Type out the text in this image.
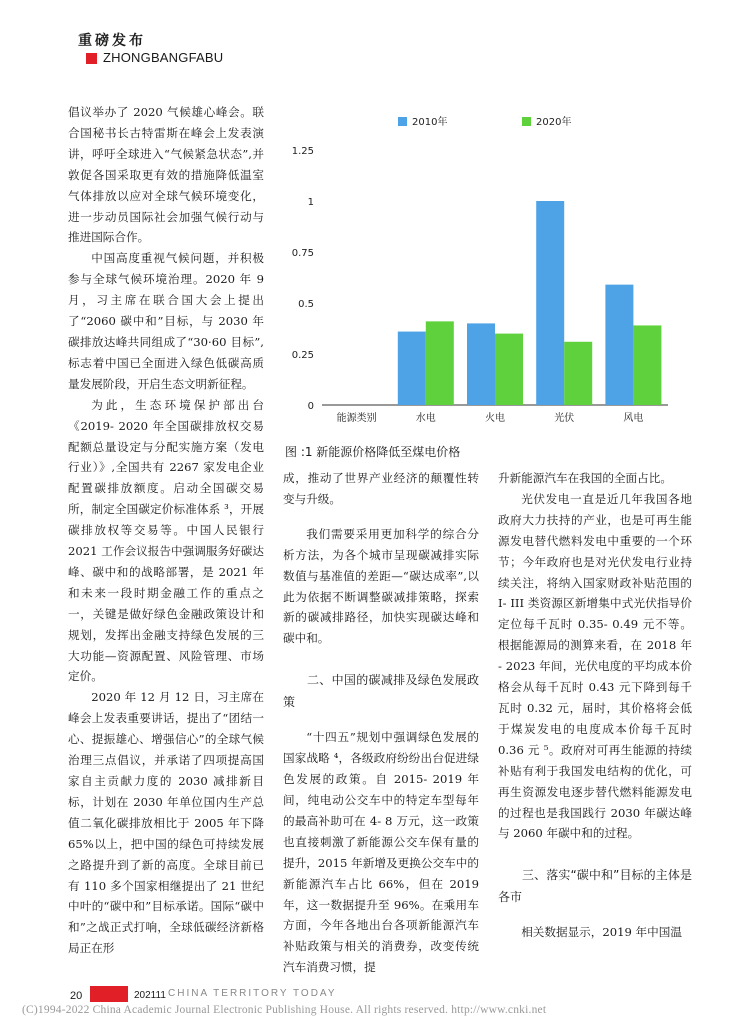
重磅发布
ZHONGBANGFABU

倡议举办了 2020 气候雄心峰会。联合国秘书长古特雷斯在峰会上发表演讲，呼吁全球进入“气候紧急状态”,并敦促各国采取更有效的措施降低温室气体排放以应对全球气候环境变化，进一步动员国际社会加强气候行动与推进国际合作。

中国高度重视气候问题，并积极参与全球气候环境治理。2020 年 9 月，习主席在联合国大会上提出了“2060 碳中和”目标，与 2030 年碳排放达峰共同组成了“30·60 目标”,标志着中国已全面进入绿色低碳高质量发展阶段，开启生态文明新征程。

为此，生态环境保护部出台《2019- 2020 年全国碳排放权交易配额总量设定与分配实施方案（发电行业）》,全国共有 2267 家发电企业配置碳排放额度。启动全国碳交易所，制定全国碳定价标准体系 ³，开展碳排放权等交易等。中国人民银行 2021 工作会议报告中强调服务好碳达峰、碳中和的战略部署，是 2021 年和未来一段时期金融工作的重点之一，关键是做好绿色金融政策设计和规划，发挥出金融支持绿色发展的三大功能—资源配置、风险管理、市场定价。

2020 年 12 月 12 日，习主席在峰会上发表重要讲话，提出了“团结一心、提振雄心、增强信心”的全球气候治理三点倡议，并承诺了四项提高国家自主贡献力度的 2030 减排新目标，计划在 2030 年单位国内生产总值二氧化碳排放相比于 2005 年下降 65%以上，把中国的绿色可持续发展之路提升到了新的高度。全球目前已有 110 多个国家相继提出了 21 世纪中叶的“碳中和”目标承诺。国际“碳中和”之战正式打响，全球低碳经济新格局正在形

0
0.25
0.5
0.75
1
1.25
2010年	2020年
能源类别	水电	火电	光伏	风电
图 :1 新能源价格降低至煤电价格

成，推动了世界产业经济的颠覆性转变与升级。

我们需要采用更加科学的综合分析方法，为各个城市呈现碳减排实际数值与基准值的差距—“碳达成率”,以此为依据不断调整碳减排策略，探索新的碳减排路径，加快实现碳达峰和碳中和。

二、中国的碳减排及绿色发展政策

“十四五”规划中强调绿色发展的国家战略 ⁴，各级政府纷纷出台促进绿色发展的政策。自 2015- 2019 年间，纯电动公交车中的特定车型每年的最高补助可在 4- 8 万元，这一政策也直接刺激了新能源公交车保有量的提升，2015 年新增及更换公交车中的新能源汽车占比 66%，但在 2019 年，这一数据提升至 96%。在乘用车方面，今年各地出台各项新能源汽车补贴政策与相关的消费券，改变传统汽车消费习惯，提

升新能源汽车在我国的全面占比。

光伏发电一直是近几年我国各地政府大力扶持的产业，也是可再生能源发电替代燃料发电中重要的一个环节；今年政府也是对光伏发电行业持续关注，将纳入国家财政补贴范围的 I- III 类资源区新增集中式光伏指导价定位每千瓦时 0.35- 0.49 元不等。根据能源局的测算来看，在 2018 年 - 2023 年间，光伏电度的平均成本价格会从每千瓦时 0.43 元下降到每千瓦时 0.32 元，届时，其价格将会低于煤炭发电的电度成本价每千瓦时 0.36 元 ⁵。政府对可再生能源的持续补贴有利于我国发电结构的优化，可再生资源发电逐步替代燃料能源发电的过程也是我国践行 2030 年碳达峰与 2060 年碳中和的过程。

三、落实“碳中和”目标的主体是各市

相关数据显示，2019 年中国温

20	202111 CHINA TERRITORY TODAY
(C)1994-2022 China Academic Journal Electronic Publishing House. All rights reserved. http://www.cnki.net
